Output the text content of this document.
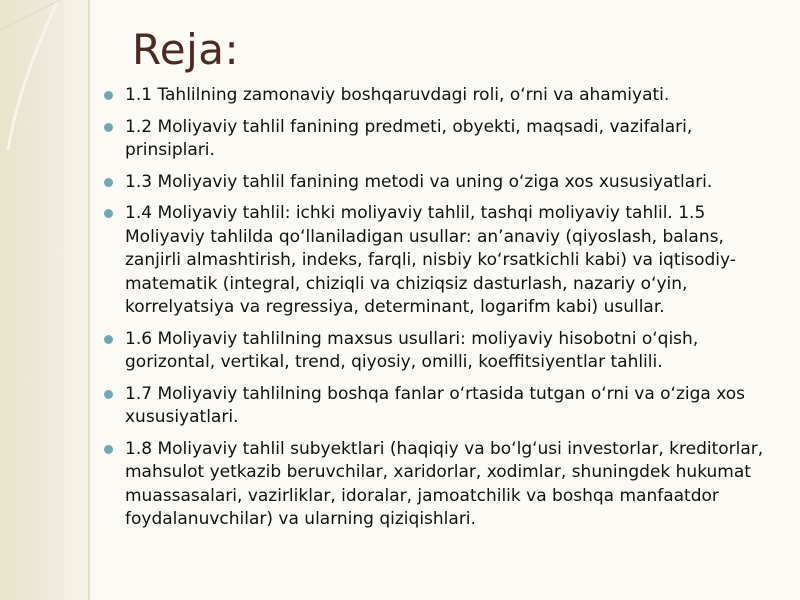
Reja:
1.1 Tahlilning zamonaviy boshqaruvdagi roli, o‘rni va ahamiyati.
1.2 Moliyaviy tahlil fanining predmeti, obyekti, maqsadi, vazifalari, prinsiplari.
1.3 Moliyaviy tahlil fanining metodi va uning o‘ziga xos xususiyatlari.
1.4 Moliyaviy tahlil: ichki moliyaviy tahlil, tashqi moliyaviy tahlil. 1.5 Moliyaviy tahlilda qo‘llaniladigan usullar: an’anaviy (qiyoslash, balans, zanjirli almashtirish, indeks, farqli, nisbiy ko‘rsatkichli kabi) va iqtisodiy-matematik (integral, chiziqli va chiziqsiz dasturlash, nazariy o‘yin, korrelyatsiya va regressiya, determinant, logarifm kabi) usullar.
1.6 Moliyaviy tahlilning maxsus usullari: moliyaviy hisobotni o‘qish, gorizontal, vertikal, trend, qiyosiy, omilli, koeffitsiyentlar tahlili.
1.7 Moliyaviy tahlilning boshqa fanlar o‘rtasida tutgan o‘rni va o‘ziga xos xususiyatlari.
1.8 Moliyaviy tahlil subyektlari (haqiqiy va bo‘lg‘usi investorlar, kreditorlar, mahsulot yetkazib beruvchilar, xaridorlar, xodimlar, shuningdek hukumat muassasalari, vazirliklar, idoralar, jamoatchilik va boshqa manfaatdor foydalanuvchilar) va ularning qiziqishlari.
